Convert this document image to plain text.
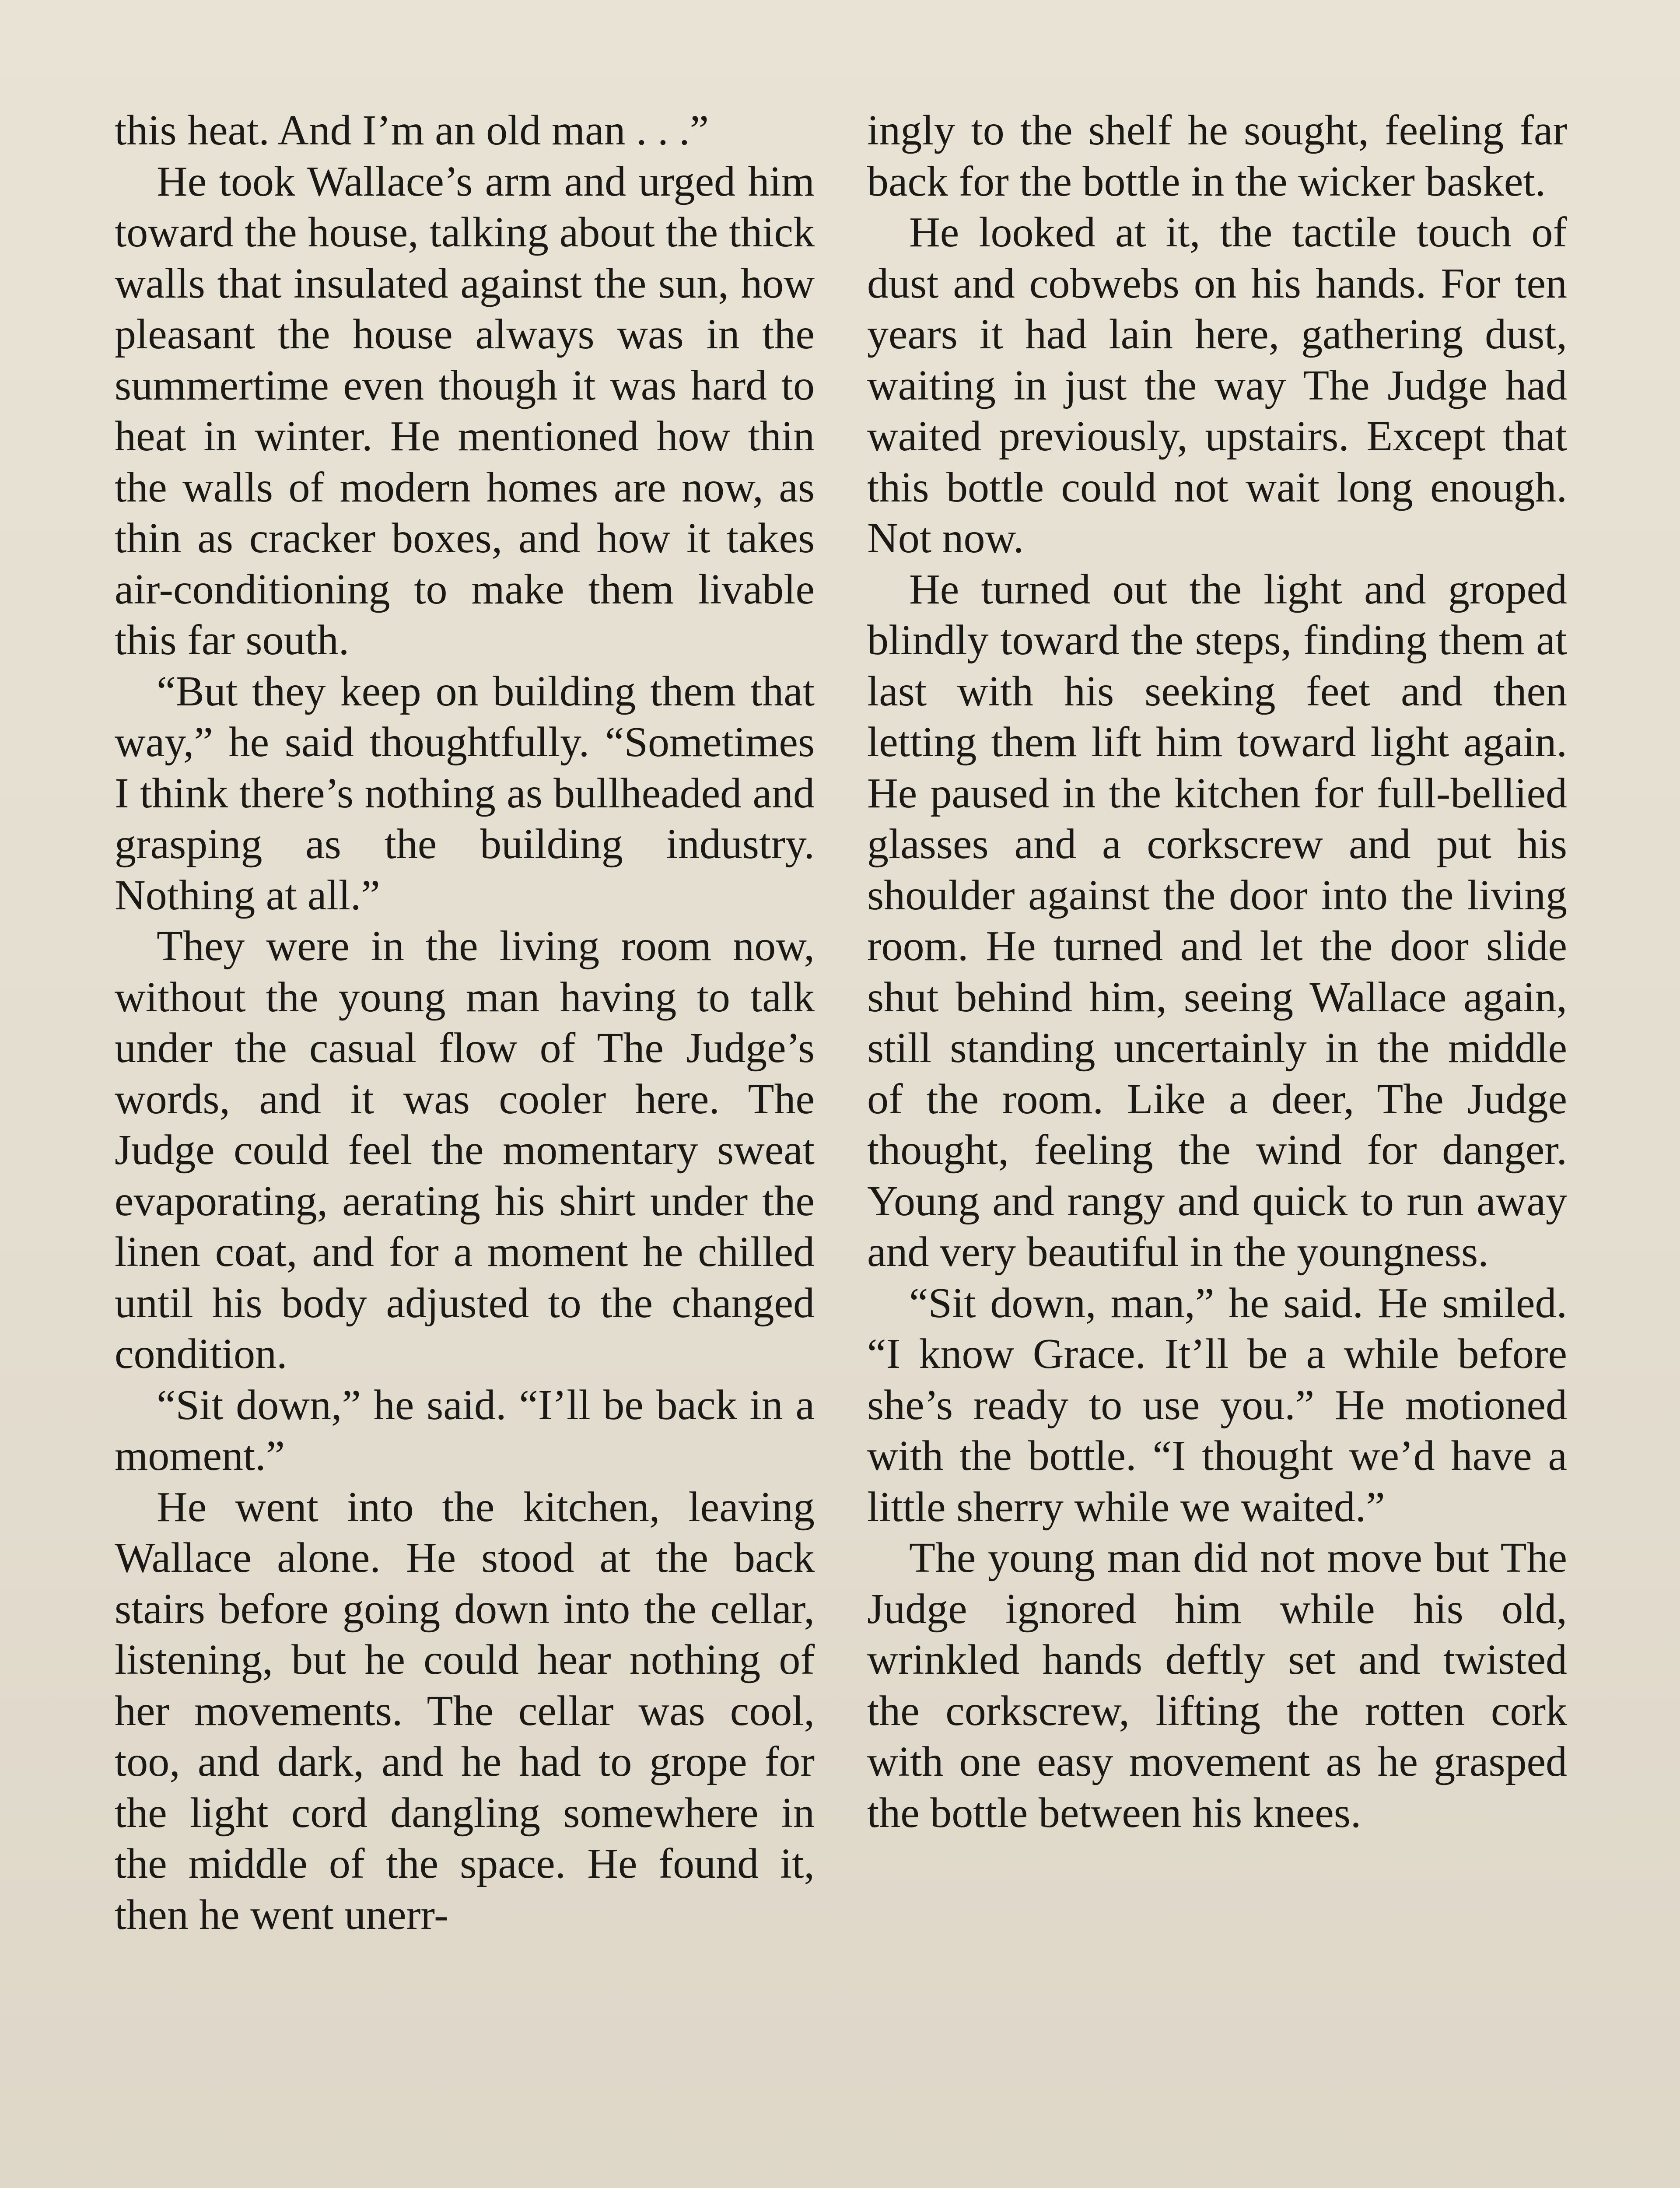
this heat. And I’m an old man . . .”

He took Wallace’s arm and urged him toward the house, talking about the thick walls that insulated against the sun, how pleasant the house always was in the summertime even though it was hard to heat in winter. He mentioned how thin the walls of modern homes are now, as thin as cracker boxes, and how it takes air-conditioning to make them livable this far south.

“But they keep on building them that way,” he said thoughtfully. “Sometimes I think there’s nothing as bullheaded and grasping as the building industry. Nothing at all.”

They were in the living room now, without the young man having to talk under the casual flow of The Judge’s words, and it was cooler here. The Judge could feel the momentary sweat evaporating, aerating his shirt under the linen coat, and for a moment he chilled until his body adjusted to the changed condition.

“Sit down,” he said. “I’ll be back in a moment.”

He went into the kitchen, leaving Wallace alone. He stood at the back stairs before going down into the cellar, listening, but he could hear nothing of her movements. The cellar was cool, too, and dark, and he had to grope for the light cord dangling somewhere in the middle of the space. He found it, then he went unerr-

ingly to the shelf he sought, feeling far back for the bottle in the wicker basket.

He looked at it, the tactile touch of dust and cobwebs on his hands. For ten years it had lain here, gathering dust, waiting in just the way The Judge had waited previously, upstairs. Except that this bottle could not wait long enough. Not now.

He turned out the light and groped blindly toward the steps, finding them at last with his seeking feet and then letting them lift him toward light again. He paused in the kitchen for full-bellied glasses and a corkscrew and put his shoulder against the door into the living room. He turned and let the door slide shut behind him, seeing Wallace again, still standing uncertainly in the middle of the room. Like a deer, The Judge thought, feeling the wind for danger. Young and rangy and quick to run away and very beautiful in the youngness.

“Sit down, man,” he said. He smiled. “I know Grace. It’ll be a while before she’s ready to use you.” He motioned with the bottle. “I thought we’d have a little sherry while we waited.”

The young man did not move but The Judge ignored him while his old, wrinkled hands deftly set and twisted the corkscrew, lifting the rotten cork with one easy movement as he grasped the bottle between his knees.
